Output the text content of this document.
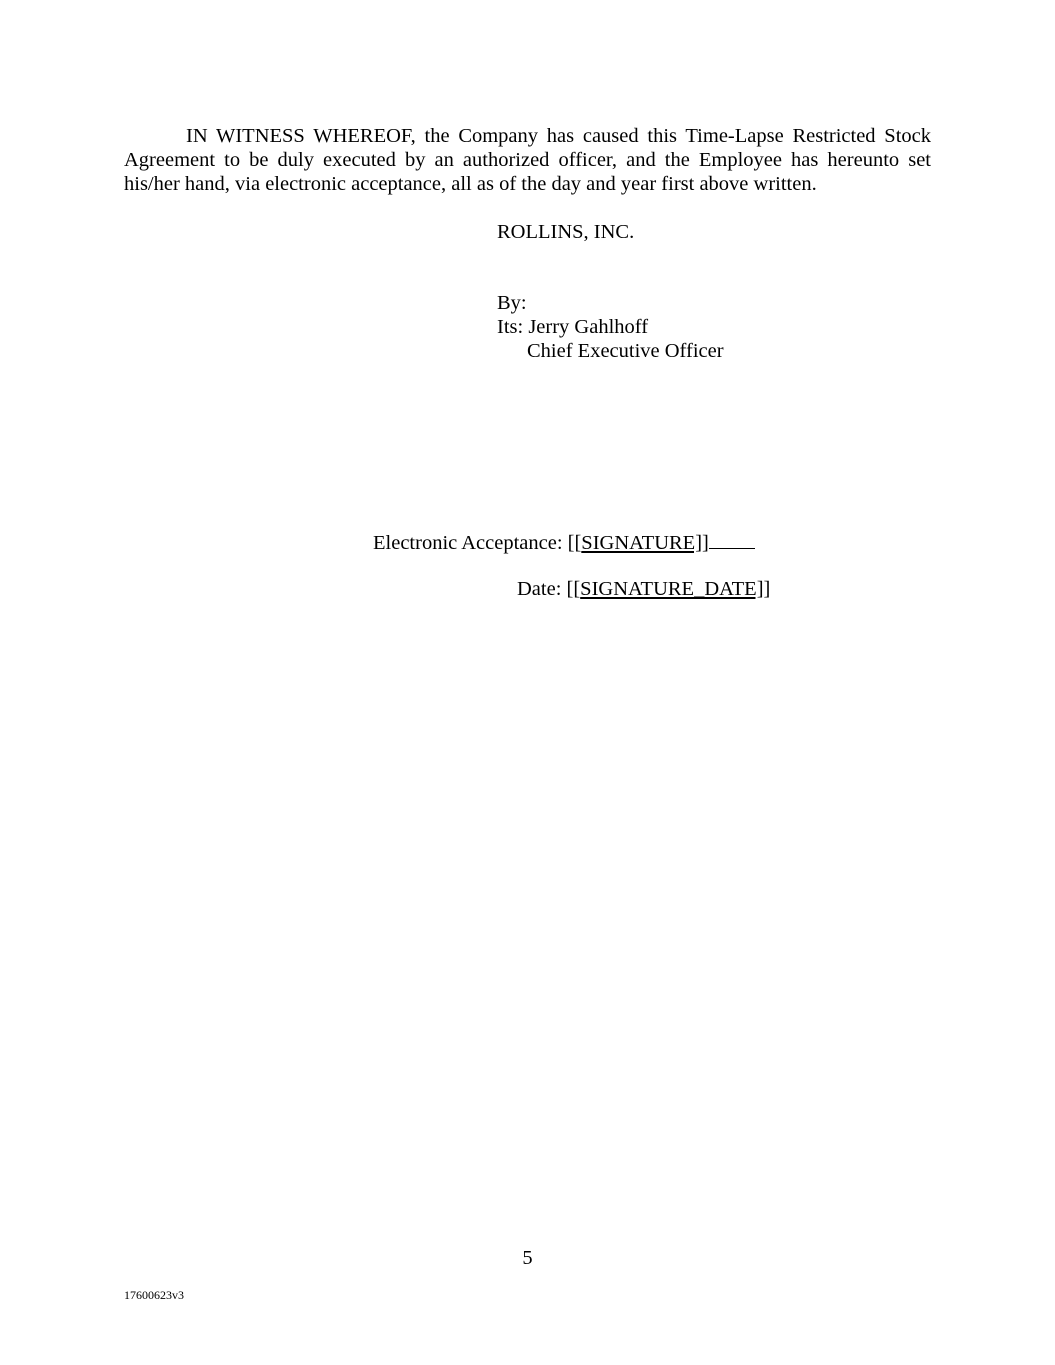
IN WITNESS WHEREOF, the Company has caused this Time-Lapse Restricted Stock Agreement to be duly executed by an authorized officer, and the Employee has hereunto set his/her hand, via electronic acceptance, all as of the day and year first above written.

ROLLINS, INC.

By:

Its: Jerry Gahlhoff

Chief Executive Officer

Electronic Acceptance: [[SIGNATURE]]

Date: [[SIGNATURE_DATE]]

5

17600623v3
